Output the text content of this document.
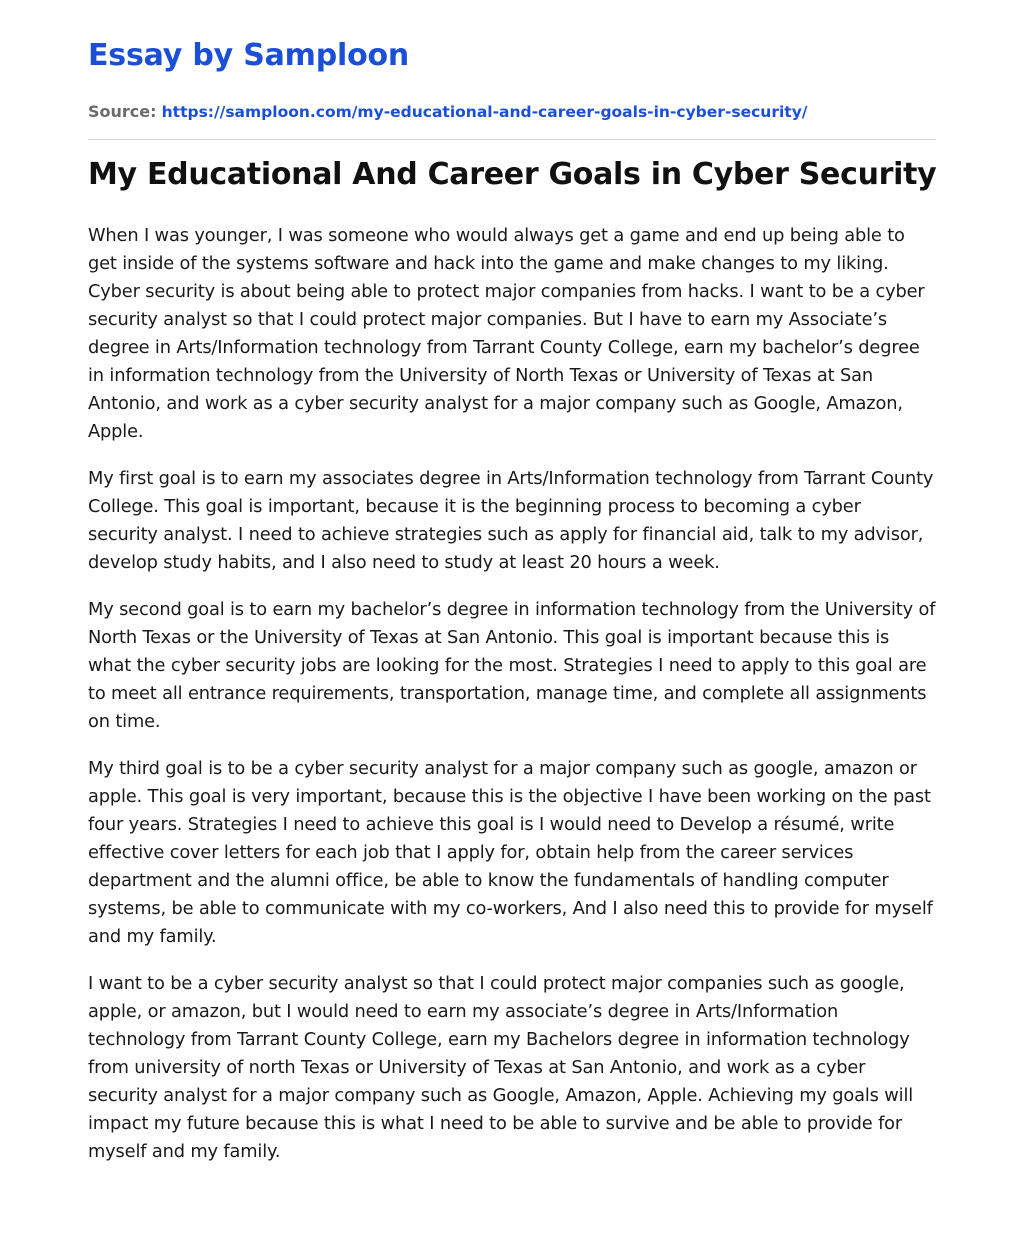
Essay by Samploon
Source: https://samploon.com/my-educational-and-career-goals-in-cyber-security/
My Educational And Career Goals in Cyber Security

When I was younger, I was someone who would always get a game and end up being able to get inside of the systems software and hack into the game and make changes to my liking. Cyber security is about being able to protect major companies from hacks. I want to be a cyber security analyst so that I could protect major companies. But I have to earn my Associate’s degree in Arts/Information technology from Tarrant County College, earn my bachelor’s degree in information technology from the University of North Texas or University of Texas at San Antonio, and work as a cyber security analyst for a major company such as Google, Amazon, Apple.

My first goal is to earn my associates degree in Arts/Information technology from Tarrant County College. This goal is important, because it is the beginning process to becoming a cyber security analyst. I need to achieve strategies such as apply for financial aid, talk to my advisor, develop study habits, and I also need to study at least 20 hours a week.

My second goal is to earn my bachelor’s degree in information technology from the University of North Texas or the University of Texas at San Antonio. This goal is important because this is what the cyber security jobs are looking for the most. Strategies I need to apply to this goal are to meet all entrance requirements, transportation, manage time, and complete all assignments on time.

My third goal is to be a cyber security analyst for a major company such as google, amazon or apple. This goal is very important, because this is the objective I have been working on the past four years. Strategies I need to achieve this goal is I would need to Develop a résumé, write effective cover letters for each job that I apply for, obtain help from the career services department and the alumni office, be able to know the fundamentals of handling computer systems, be able to communicate with my co-workers, And I also need this to provide for myself and my family.

I want to be a cyber security analyst so that I could protect major companies such as google, apple, or amazon, but I would need to earn my associate’s degree in Arts/Information technology from Tarrant County College, earn my Bachelors degree in information technology from university of north Texas or University of Texas at San Antonio, and work as a cyber security analyst for a major company such as Google, Amazon, Apple. Achieving my goals will impact my future because this is what I need to be able to survive and be able to provide for myself and my family.
